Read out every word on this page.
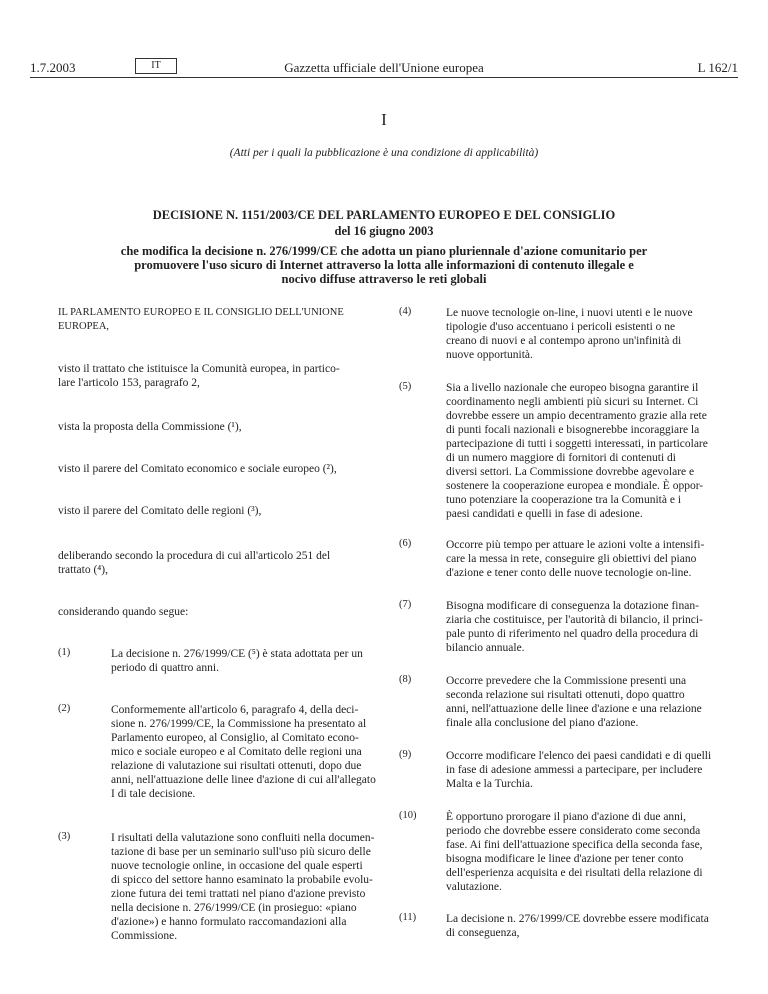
1.7.2003	IT	Gazzetta ufficiale dell'Unione europea	L 162/1
I
(Atti per i quali la pubblicazione è una condizione di applicabilità)
DECISIONE N. 1151/2003/CE DEL PARLAMENTO EUROPEO E DEL CONSIGLIO
del 16 giugno 2003
che modifica la decisione n. 276/1999/CE che adotta un piano pluriennale d'azione comunitario per
promuovere l'uso sicuro di Internet attraverso la lotta alle informazioni di contenuto illegale e
nocivo diffuse attraverso le reti globali
IL PARLAMENTO EUROPEO E IL CONSIGLIO DELL'UNIONE
EUROPEA,
visto il trattato che istituisce la Comunità europea, in partico-
lare l'articolo 153, paragrafo 2,
vista la proposta della Commissione (¹),
visto il parere del Comitato economico e sociale europeo (²),
visto il parere del Comitato delle regioni (³),
deliberando secondo la procedura di cui all'articolo 251 del
trattato (⁴),
considerando quando segue:
(1)	La decisione n. 276/1999/CE (⁵) è stata adottata per un
periodo di quattro anni.
(2)	Conformemente all'articolo 6, paragrafo 4, della deci-
sione n. 276/1999/CE, la Commissione ha presentato al
Parlamento europeo, al Consiglio, al Comitato econo-
mico e sociale europeo e al Comitato delle regioni una
relazione di valutazione sui risultati ottenuti, dopo due
anni, nell'attuazione delle linee d'azione di cui all'allegato
I di tale decisione.
(3)	I risultati della valutazione sono confluiti nella documen-
tazione di base per un seminario sull'uso più sicuro delle
nuove tecnologie online, in occasione del quale esperti
di spicco del settore hanno esaminato la probabile evolu-
zione futura dei temi trattati nel piano d'azione previsto
nella decisione n. 276/1999/CE (in prosieguo: «piano
d'azione») e hanno formulato raccomandazioni alla
Commissione.
(4)	Le nuove tecnologie on-line, i nuovi utenti e le nuove
tipologie d'uso accentuano i pericoli esistenti o ne
creano di nuovi e al contempo aprono un'infinità di
nuove opportunità.
(5)	Sia a livello nazionale che europeo bisogna garantire il
coordinamento negli ambienti più sicuri su Internet. Ci
dovrebbe essere un ampio decentramento grazie alla rete
di punti focali nazionali e bisognerebbe incoraggiare la
partecipazione di tutti i soggetti interessati, in particolare
di un numero maggiore di fornitori di contenuti di
diversi settori. La Commissione dovrebbe agevolare e
sostenere la cooperazione europea e mondiale. È oppor-
tuno potenziare la cooperazione tra la Comunità e i
paesi candidati e quelli in fase di adesione.
(6)	Occorre più tempo per attuare le azioni volte a intensifi-
care la messa in rete, conseguire gli obiettivi del piano
d'azione e tener conto delle nuove tecnologie on-line.
(7)	Bisogna modificare di conseguenza la dotazione finan-
ziaria che costituisce, per l'autorità di bilancio, il princi-
pale punto di riferimento nel quadro della procedura di
bilancio annuale.
(8)	Occorre prevedere che la Commissione presenti una
seconda relazione sui risultati ottenuti, dopo quattro
anni, nell'attuazione delle linee d'azione e una relazione
finale alla conclusione del piano d'azione.
(9)	Occorre modificare l'elenco dei paesi candidati e di quelli
in fase di adesione ammessi a partecipare, per includere
Malta e la Turchia.
(10)	È opportuno prorogare il piano d'azione di due anni,
periodo che dovrebbe essere considerato come seconda
fase. Ai fini dell'attuazione specifica della seconda fase,
bisogna modificare le linee d'azione per tener conto
dell'esperienza acquisita e dei risultati della relazione di
valutazione.
(11)	La decisione n. 276/1999/CE dovrebbe essere modificata
di conseguenza,
